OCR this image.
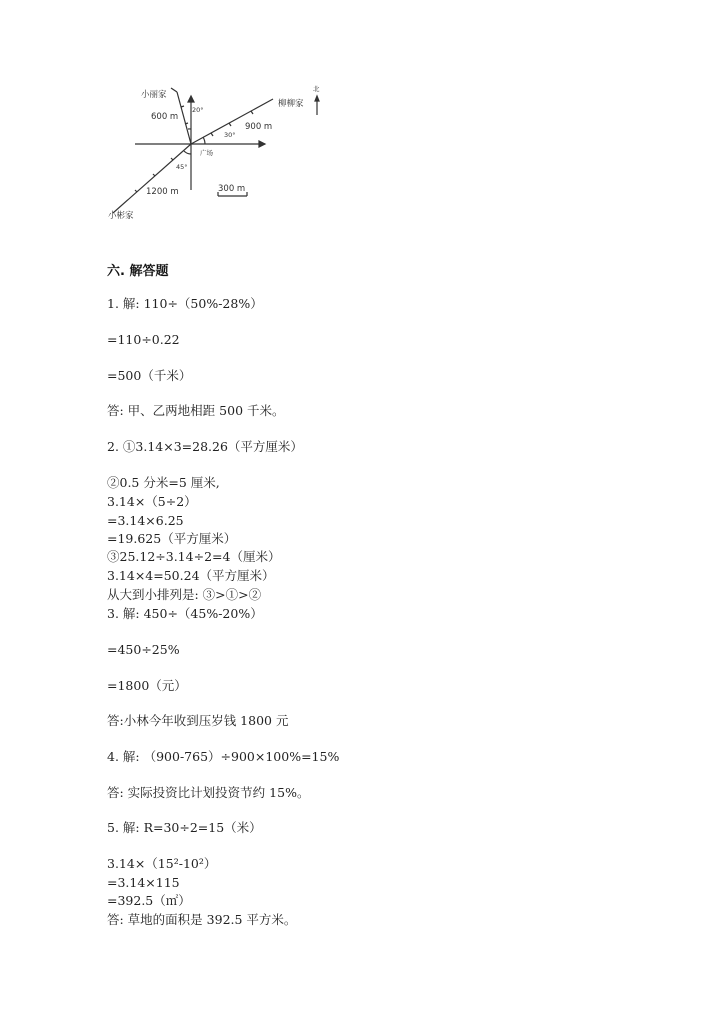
小丽家
600 m
20°
柳柳家
900 m
30°
广场
45°
1200 m	300 m
小彬家
北
六. 解答题
1. 解: 110÷（50%-28%）
=110÷0.22
=500（千米）
答: 甲、乙两地相距 500 千米。
2. ①3.14×3=28.26（平方厘米）
②0.5 分米=5 厘米,
3.14×（5÷2）
=3.14×6.25
=19.625（平方厘米）
③25.12÷3.14÷2=4（厘米）
3.14×4=50.24（平方厘米）
从大到小排列是: ③>①>②
3. 解: 450÷（45%-20%）
=450÷25%
=1800（元）
答:小林今年收到压岁钱 1800 元
4. 解: （900-765）÷900×100%=15%
答: 实际投资比计划投资节约 15%。
5. 解: R=30÷2=15（米）
3.14×（15²-10²）
=3.14×115
=392.5（㎡）
答: 草地的面积是 392.5 平方米。
